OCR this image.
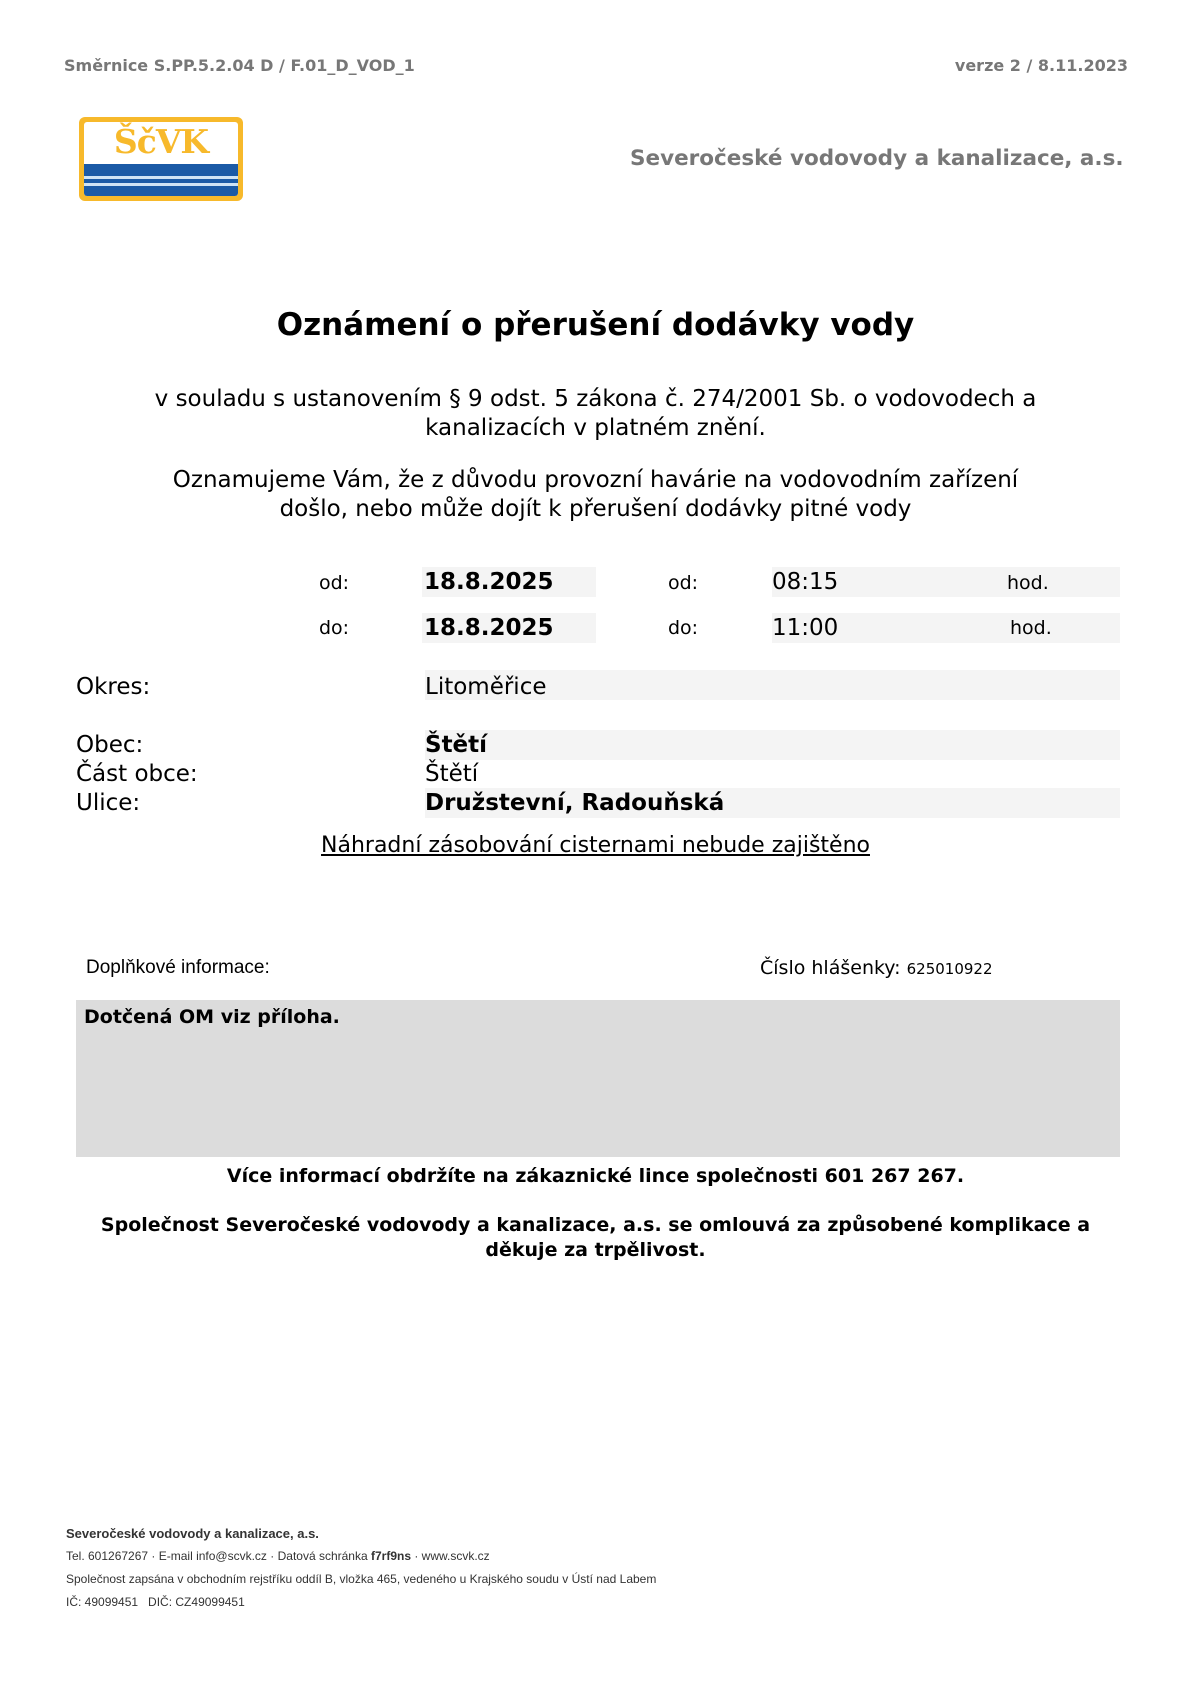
Směrnice S.PP.5.2.04 D / F.01_D_VOD_1	verze 2 / 8.11.2023
ŠčVK	Severočeské vodovody a kanalizace, a.s.
Oznámení o přerušení dodávky vody
v souladu s ustanovením § 9 odst. 5 zákona č. 274/2001 Sb. o vodovodech a
kanalizacích v platném znění.
Oznamujeme Vám, že z důvodu provozní havárie na vodovodním zařízení
došlo, nebo může dojít k přerušení dodávky pitné vody
od:	18.8.2025	od:	08:15	hod.
do:	18.8.2025	do:	11:00	hod.
Okres:	Litoměřice
Obec:	Štětí
Část obce:	Štětí
Ulice:	Družstevní, Radouňská
Náhradní zásobování cisternami nebude zajištěno
Doplňkové informace:	Číslo hlášenky: 625010922
Dotčená OM viz příloha.
Více informací obdržíte na zákaznické lince společnosti 601 267 267.
Společnost Severočeské vodovody a kanalizace, a.s. se omlouvá za způsobené komplikace a
děkuje za trpělivost.
Severočeské vodovody a kanalizace, a.s.
Tel. 601267267 · E-mail info@scvk.cz · Datová schránka f7rf9ns · www.scvk.cz
Společnost zapsána v obchodním rejstříku oddíl B, vložka 465, vedeného u Krajského soudu v Ústí nad Labem
IČ: 49099451   DIČ: CZ49099451
